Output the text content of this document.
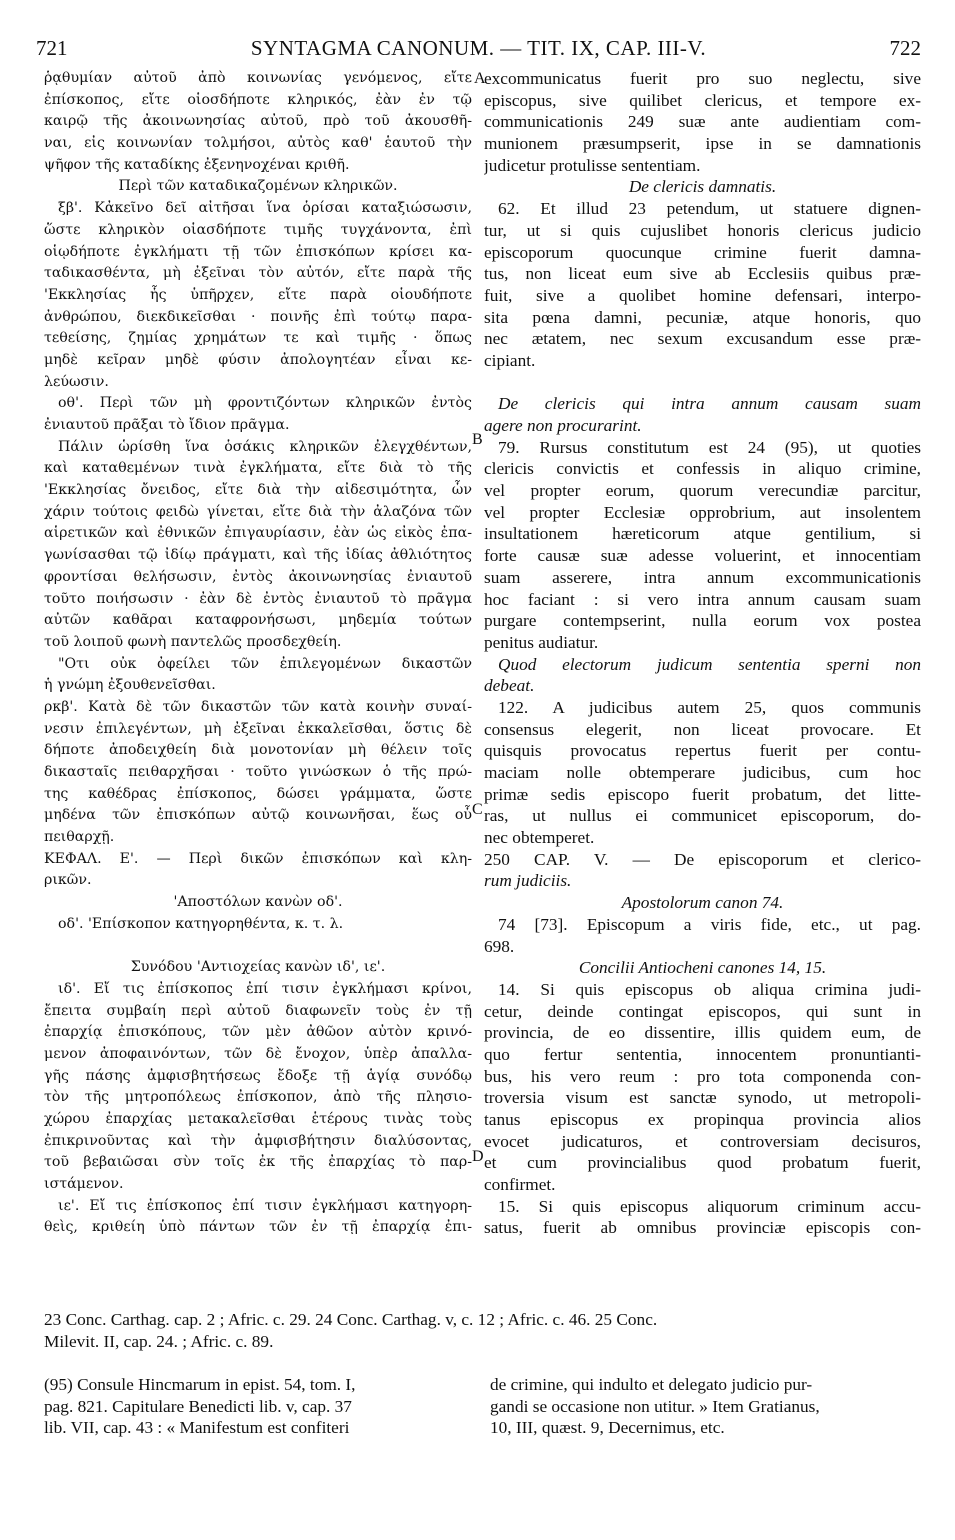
721	SYNTAGMA CANONUM. — TIT. IX, CAP. III-V.	722
ῥᾳθυμίαν αὐτοῦ ἀπὸ κοινωνίας γενόμενος, εἴτε
ἐπίσκοπος, εἴτε οἱοσδήποτε κληρικός, ἐὰν ἐν τῷ
καιρῷ τῆς ἀκοινωνησίας αὐτοῦ, πρὸ τοῦ ἀκουσθῆ-
ναι, εἰς κοινωνίαν τολμήσοι, αὐτὸς καθ' ἑαυτοῦ τὴν
ψῆφον τῆς καταδίκης ἐξενηνοχέναι κριθῆ.
Περὶ τῶν καταδικαζομένων κληρικῶν.
ξβ'. Κἀκεῖνο δεῖ αἰτῆσαι ἵνα ὁρίσαι καταξιώσωσιν,
ὥστε κληρικὸν οἱασδήποτε τιμῆς τυγχάνοντα, ἐπὶ
οἱῳδήποτε ἐγκλήματι τῇ τῶν ἐπισκόπων κρίσει κα-
ταδικασθέντα, μὴ ἐξεῖναι τὸν αὐτόν, εἴτε παρὰ τῆς
'Εκκλησίας ἧς ὑπῆρχεν, εἴτε παρὰ οἱουδήποτε
ἀνθρώπου, διεκδικεῖσθαι · ποινῆς ἐπὶ τούτῳ παρα-
τεθείσης, ζημίας χρημάτων τε καὶ τιμῆς · ὅπως
μηδὲ κεῖραν μηδὲ φύσιν ἀπολογητέαν εἶναι κε-
λεύωσιν.
οθ'. Περὶ τῶν μὴ φροντιζόντων κληρικῶν ἐντὸς
ἐνιαυτοῦ πρᾶξαι τὸ ἴδιον πρᾶγμα.
Πάλιν ὡρίσθη ἵνα ὁσάκις κληρικῶν ἐλεγχθέντων,
καὶ καταθεμένων τινὰ ἐγκλήματα, εἴτε διὰ τὸ τῆς
'Εκκλησίας ὄνειδος, εἴτε διὰ τὴν αἰδεσιμότητα, ὧν
χάριν τούτοις φειδὼ γίνεται, εἴτε διὰ τὴν ἀλαζόνα τῶν
αἱρετικῶν καὶ ἐθνικῶν ἐπιγαυρίασιν, ἐὰν ὡς εἰκὸς ἐπα-
γωνίσασθαι τῷ ἰδίῳ πράγματι, καὶ τῆς ἰδίας ἀθλιότητος
φροντίσαι θελήσωσιν, ἐντὸς ἀκοινωνησίας ἐνιαυτοῦ
τοῦτο ποιήσωσιν · ἐὰν δὲ ἐντὸς ἐνιαυτοῦ τὸ πρᾶγμα
αὐτῶν καθᾶραι καταφρονήσωσι, μηδεμία τούτων
τοῦ λοιποῦ φωνὴ παντελῶς προσδεχθείη.
"Οτι οὐκ ὀφείλει τῶν ἐπιλεγομένων δικαστῶν
ἡ γνώμη ἐξουθενεῖσθαι.
ρκβ'. Κατὰ δὲ τῶν δικαστῶν τῶν κατὰ κοινὴν συναί-
νεσιν ἐπιλεγέντων, μὴ ἐξεῖναι ἐκκαλεῖσθαι, ὅστις δὲ
δήποτε ἀποδειχθείη διὰ μονοτονίαν μὴ θέλειν τοῖς
δικασταῖς πειθαρχῆσαι · τοῦτο γινώσκων ὁ τῆς πρώ-
της καθέδρας ἐπίσκοπος, δώσει γράμματα, ὥστε
μηδένα τῶν ἐπισκόπων αὐτῷ κοινωνῆσαι, ἕως οὗ
πειθαρχῇ.
ΚΕΦΑΛ. Ε'. — Περὶ δικῶν ἐπισκόπων καὶ κλη-
ρικῶν.
'Αποστόλων κανὼν οδ'.
οδ'. 'Επίσκοπον κατηγορηθέντα, κ. τ. λ.
Συνόδου 'Αντιοχείας κανὼν ιδ', ιε'.
ιδ'. Εἴ τις ἐπίσκοπος ἐπί τισιν ἐγκλήμασι κρίνοι,
ἔπειτα συμβαίη περὶ αὐτοῦ διαφωνεῖν τοὺς ἐν τῇ
ἐπαρχίᾳ ἐπισκόπους, τῶν μὲν ἀθῶον αὐτὸν κρινό-
μενον ἀποφαινόντων, τῶν δὲ ἔνοχον, ὑπὲρ ἀπαλλα-
γῆς πάσης ἀμφισβητήσεως ἔδοξε τῇ ἁγίᾳ συνόδῳ
τὸν τῆς μητροπόλεως ἐπίσκοπον, ἀπὸ τῆς πλησιο-
χώρου ἐπαρχίας μετακαλεῖσθαι ἑτέρους τινὰς τοὺς
ἐπικρινοῦντας καὶ τὴν ἀμφισβήτησιν διαλύσοντας,
τοῦ βεβαιῶσαι σὺν τοῖς ἐκ τῆς ἐπαρχίας τὸ παρ-
ιστάμενον.
ιε'. Εἴ τις ἐπίσκοπος ἐπί τισιν ἐγκλήμασι κατηγορη-
θεὶς, κριθείη ὑπὸ πάντων τῶν ἐν τῇ ἐπαρχίᾳ ἐπι-
excommunicatus fuerit pro suo neglectu, sive
episcopus, sive quilibet clericus, et tempore ex-
communicationis 249 suæ ante audientiam com-
munionem præsumpserit, ipse in se damnationis
judicetur protulisse sententiam.
De clericis damnatis.
62. Et illud 23 petendum, ut statuere dignen-
tur, ut si quis cujuslibet honoris clericus judicio
episcoporum quocunque crimine fuerit damna-
tus, non liceat eum sive ab Ecclesiis quibus præ-
fuit, sive a quolibet homine defensari, interpo-
sita pœna damni, pecuniæ, atque honoris, quo
nec ætatem, nec sexum excusandum esse præ-
cipiant.
De clericis qui intra annum causam suam
agere non procurarint.
79. Rursus constitutum est 24 (95), ut quoties
clericis convictis et confessis in aliquo crimine,
vel propter eorum, quorum verecundiæ parcitur,
vel propter Ecclesiæ opprobrium, aut insolentem
insultationem hæreticorum atque gentilium, si
forte causæ suæ adesse voluerint, et innocentiam
suam asserere, intra annum excommunicationis
hoc faciant : si vero intra annum causam suam
purgare contempserint, nulla eorum vox postea
penitus audiatur.
Quod electorum judicum sententia sperni non
debeat.
122. A judicibus autem 25, quos communis
consensus elegerit, non liceat provocare. Et
quisquis provocatus repertus fuerit per contu-
maciam nolle obtemperare judicibus, cum hoc
primæ sedis episcopo fuerit probatum, det litte-
ras, ut nullus ei communicet episcoporum, do-
nec obtemperet.
250 CAP. V. — De episcoporum et clerico-
rum judiciis.
Apostolorum canon 74.
74 [73]. Episcopum a viris fide, etc., ut pag.
698.
Concilii Antiocheni canones 14, 15.
14. Si quis episcopus ob aliqua crimina judi-
cetur, deinde contingat episcopos, qui sunt in
provincia, de eo dissentire, illis quidem eum, de
quo fertur sententia, innocentem pronuntianti-
bus, his vero reum : pro tota componenda con-
troversia visum est sanctæ synodo, ut metropoli-
tanus episcopus ex propinqua provincia alios
evocet judicaturos, et controversiam decisuros,
et cum provincialibus quod probatum fuerit,
confirmet.
15. Si quis episcopus aliquorum criminum accu-
satus, fuerit ab omnibus provinciæ episcopis con-
A
B
C
D
23 Conc. Carthag. cap. 2 ; Afric. c. 29. 24 Conc. Carthag. v, c. 12 ; Afric. c. 46. 25 Conc.
Milevit. II, cap. 24. ; Afric. c. 89.
(95) Consule Hincmarum in epist. 54, tom. I,
pag. 821. Capitulare Benedicti lib. v, cap. 37
lib. VII, cap. 43 : « Manifestum est confiteri
de crimine, qui indulto et delegato judicio pur-
gandi se occasione non utitur. » Item Gratianus,
10, III, quæst. 9, Decernimus, etc.
